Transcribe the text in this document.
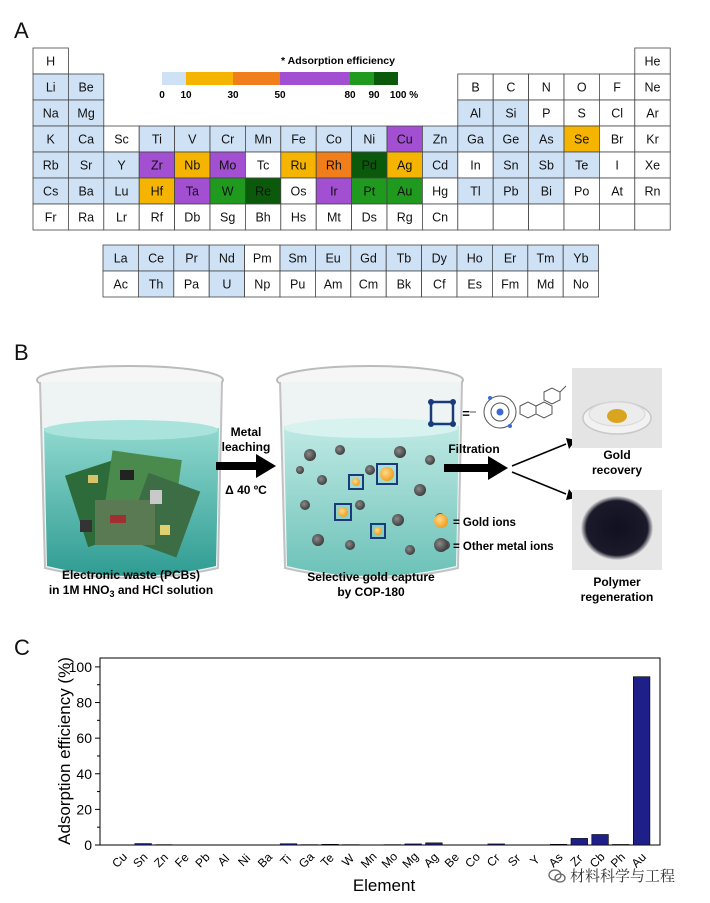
A
B
C
* Adsorption efficiency
0 10	30	50	80 90 100 %
H	He
Li Be	B C N O F Ne
Na Mg	Al Si P S Cl Ar
K Ca Sc Ti V Cr Mn Fe Co Ni Cu Zn Ga Ge As Se Br Kr
Rb Sr Y Zr Nb Mo Tc Ru Rh Pd Ag Cd In Sn Sb Te I Xe
Cs Ba Lu Hf Ta W Re Os Ir Pt Au Hg Tl Pb Bi Po At Rn
Fr Ra Lr Rf Db Sg Bh Hs Mt Ds Rg Cn
La Ce Pr Nd Pm Sm Eu Gd Tb Dy Ho Er Tm Yb
Ac Th Pa U Np Pu Am Cm Bk Cf Es Fm Md No
Electronic waste (PCBs)
in 1M $HNO_3$ and HCl solution
Metal
leaching
Δ 40 ºC
Selective gold capture
by COP-180
=
Filtration
= Gold ions
= Other metal ions
Gold
recovery
Polymer
regeneration
0
20
40
60
80
100
Cu Sn Zn Fe Pb Al Ni Ba Ti Ga Te W Mn Mo Mg Ag Be Co Cr Sr Y As Zr Cb Ph Au
Element
Adsorption efficiency (%)
材料科学与工程
